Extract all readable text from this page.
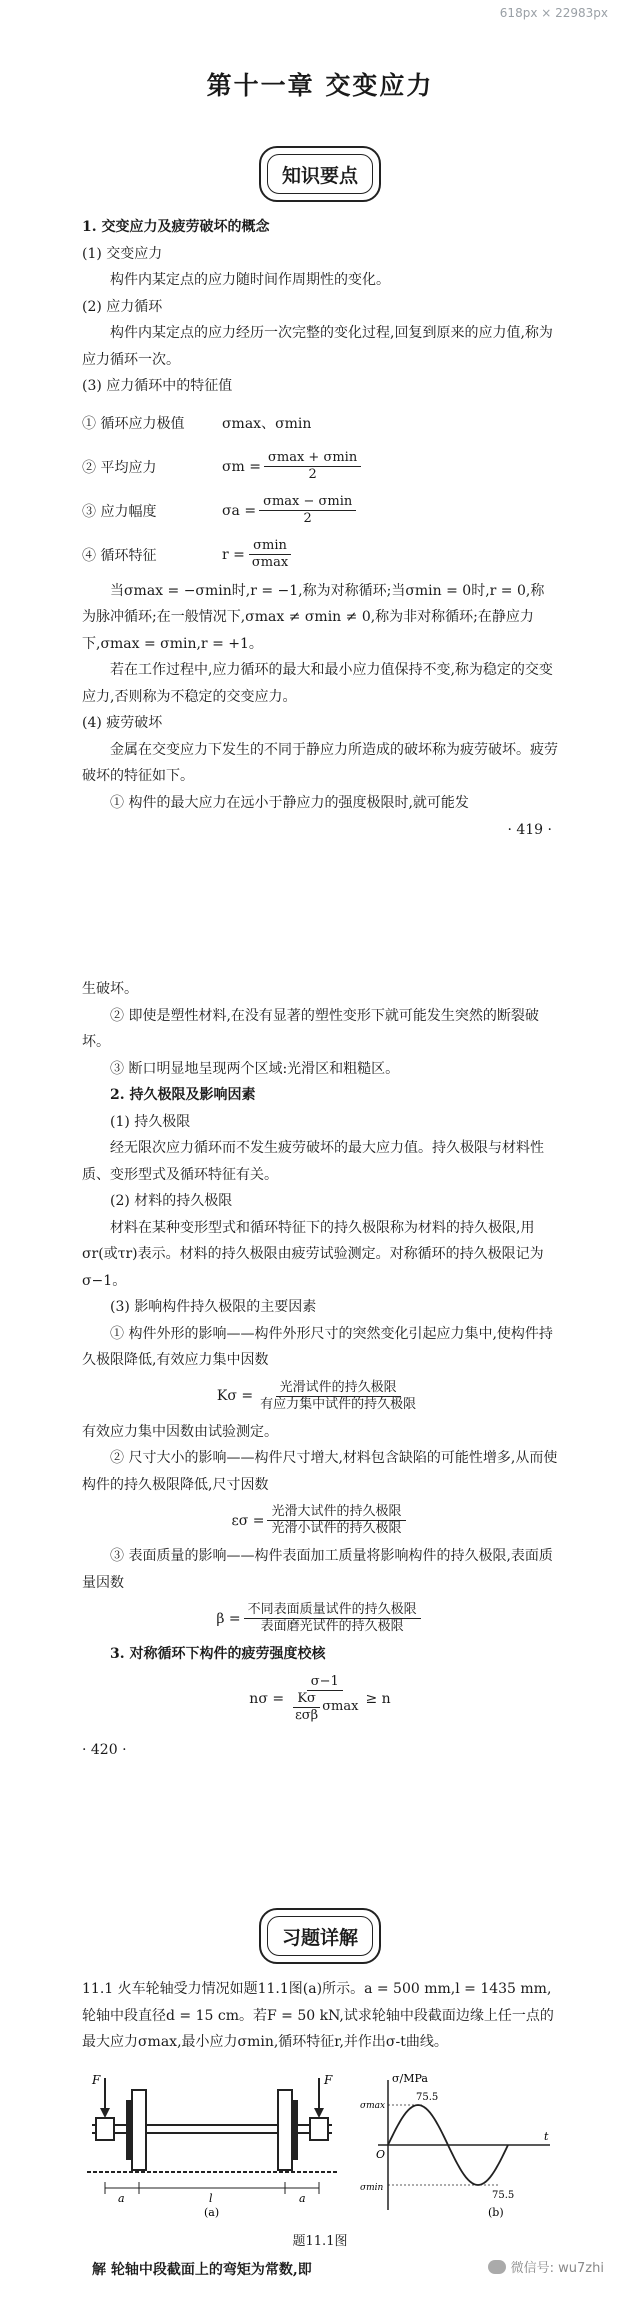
618px × 22983px
第十一章 交变应力
知识要点

1. 交变应力及疲劳破坏的概念

(1) 交变应力

构件内某定点的应力随时间作周期性的变化。

(2) 应力循环

构件内某定点的应力经历一次完整的变化过程,回复到原来的应力值,称为应力循环一次。

(3) 应力循环中的特征值

① 循环应力极值	σmax、σmin
② 平均应力	$\sigma m = \frac{\sigma\max + \sigma\min}{2}$
③ 应力幅度	$\sigma a = \frac{\sigma\max - \sigma\min}{2}$
④ 循环特征	$r = \frac{\sigma\min}{\sigma\max}$

当σmax = −σmin时,r = −1,称为对称循环;当σmin = 0时,r = 0,称为脉冲循环;在一般情况下,σmax ≠ σmin ≠ 0,称为非对称循环;在静应力下,σmax = σmin,r = +1。

若在工作过程中,应力循环的最大和最小应力值保持不变,称为稳定的交变应力,否则称为不稳定的交变应力。

(4) 疲劳破坏

金属在交变应力下发生的不同于静应力所造成的破坏称为疲劳破坏。疲劳破坏的特征如下。

① 构件的最大应力在远小于静应力的强度极限时,就可能发

· 419 ·

生破坏。

② 即使是塑性材料,在没有显著的塑性变形下就可能发生突然的断裂破坏。

③ 断口明显地呈现两个区域:光滑区和粗糙区。

2. 持久极限及影响因素

(1) 持久极限

经无限次应力循环而不发生疲劳破坏的最大应力值。持久极限与材料性质、变形型式及循环特征有关。

(2) 材料的持久极限

材料在某种变形型式和循环特征下的持久极限称为材料的持久极限,用σr(或τr)表示。材料的持久极限由疲劳试验测定。对称循环的持久极限记为σ−1。

(3) 影响构件持久极限的主要因素

① 构件外形的影响——构件外形尺寸的突然变化引起应力集中,使构件持久极限降低,有效应力集中因数

$K\sigma = \frac{\text{光滑试件的持久极限}}{\text{有应力集中试件的持久极限}}$

有效应力集中因数由试验测定。

② 尺寸大小的影响——构件尺寸增大,材料包含缺陷的可能性增多,从而使构件的持久极限降低,尺寸因数

$\varepsilon\sigma = \frac{\text{光滑大试件的持久极限}}{\text{光滑小试件的持久极限}}$

③ 表面质量的影响——构件表面加工质量将影响构件的持久极限,表面质量因数

$\beta = \frac{\text{不同表面质量试件的持久极限}}{\text{表面磨光试件的持久极限}}$

3. 对称循环下构件的疲劳强度校核

$n\sigma = \frac{\sigma-1}{\frac{K\sigma}{\text{εσβ}} \sigma\max} \ge n$
· 420 ·
习题详解

11.1 火车轮轴受力情况如题11.1图(a)所示。a = 500 mm,l = 1435 mm,轮轴中段直径d = 15 cm。若F = 50 kN,试求轮轴中段截面边缘上任一点的最大应力σmax,最小应力σmin,循环特征r,并作出σ-t曲线。

F	F
a	l	a
(a)
σ/MPa
t
O
σmax
σmin
75.5
75.5
(b)
题11.1图

解 轮轴中段截面上的弯矩为常数,即	微信号: wu7zhi
